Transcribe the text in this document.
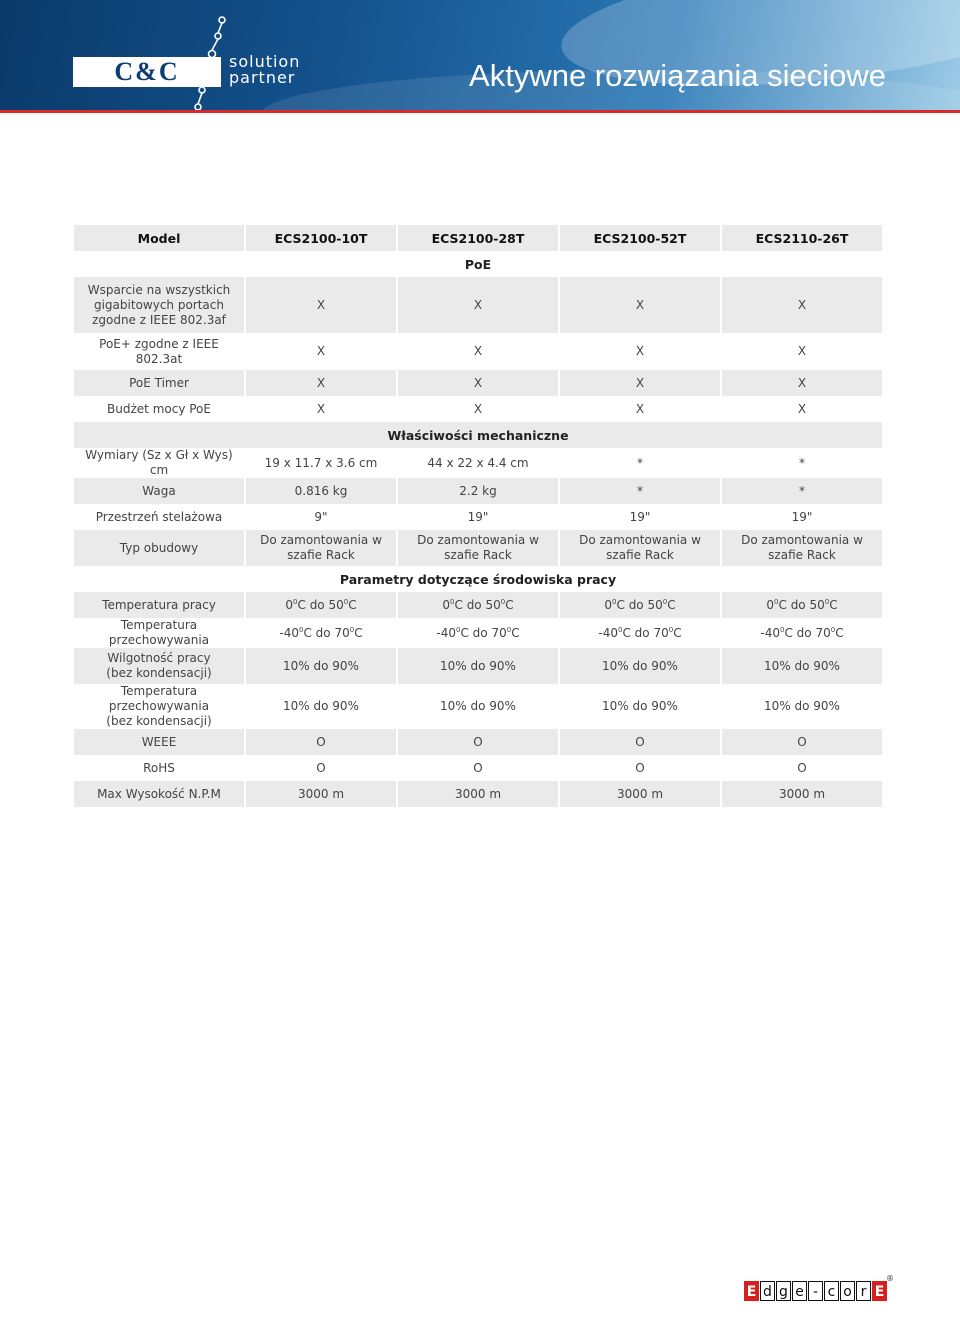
C&C	solution
partner	Aktywne rozwiązania sieciowe
Model	ECS2100-10T	ECS2100-28T	ECS2100-52T	ECS2110-26T
PoE				
Wsparcie na wszystkich gigabitowych portach zgodne z IEEE 802.3af	X	X	X	X
PoE+ zgodne z IEEE 802.3at	X	X	X	X
PoE Timer	X	X	X	X
Budżet mocy PoE	X	X	X	X
Właściwości mechaniczne				
Wymiary (Sz x Gł x Wys) cm	19 x 11.7 x 3.6 cm	44 x 22 x 4.4 cm	*	*
Waga	0.816 kg	2.2 kg	*	*
Przestrzeń stelażowa	9"	19"	19"	19"
Typ obudowy	Do zamontowania w szafie Rack	Do zamontowania w szafie Rack	Do zamontowania w szafie Rack	Do zamontowania w szafie Rack
Parametry dotyczące środowiska pracy				
Temperatura pracy	$0^0C$ do $50^0C$	$0^0C$ do $50^0C$	$0^0C$ do $50^0C$	$0^0C$ do $50^0C$
Temperatura przechowywania	$-40^0C$ do $70^0C$	$-40^0C$ do $70^0C$	$-40^0C$ do $70^0C$	$-40^0C$ do $70^0C$

Wilgotność pracy
(bez kondensacji)	10% do 90%	10% do 90%	10% do 90%	10% do 90%

Temperatura przechowywania
(bez kondensacji)	10% do 90%	10% do 90%	10% do 90%	10% do 90%
WEEE	O	O	O	O
RoHS	O	O	O	O
Max Wysokość N.P.M	3000 m	3000 m	3000 m	3000 m
E d g e - c o r E
®
